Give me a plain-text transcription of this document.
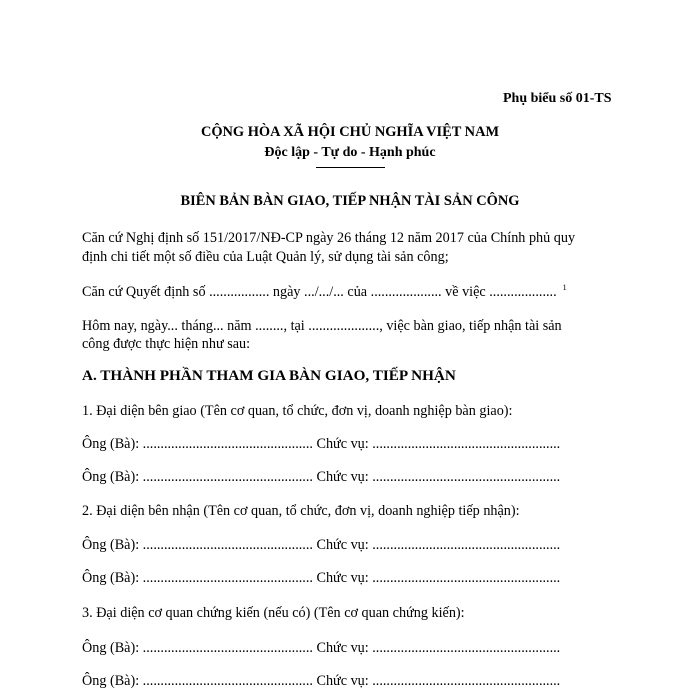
Phụ biểu số 01-TS
CỘNG HÒA XÃ HỘI CHỦ NGHĨA VIỆT NAM
Độc lập - Tự do - Hạnh phúc
BIÊN BẢN BÀN GIAO, TIẾP NHẬN TÀI SẢN CÔNG
Căn cứ Nghị định số 151/2017/NĐ-CP ngày 26 tháng 12 năm 2017 của Chính phủ quy
định chi tiết một số điều của Luật Quản lý, sử dụng tài sản công;
Căn cứ Quyết định số ................. ngày .../.../... của .................... về việc ................... $^1$
Hôm nay, ngày... tháng... năm ........, tại ...................., việc bàn giao, tiếp nhận tài sản
công được thực hiện như sau:
A. THÀNH PHẦN THAM GIA BÀN GIAO, TIẾP NHẬN
1. Đại diện bên giao (Tên cơ quan, tổ chức, đơn vị, doanh nghiệp bàn giao):
Ông (Bà): ................................................ Chức vụ: .....................................................
Ông (Bà): ................................................ Chức vụ: .....................................................
2. Đại diện bên nhận (Tên cơ quan, tổ chức, đơn vị, doanh nghiệp tiếp nhận):
Ông (Bà): ................................................ Chức vụ: .....................................................
Ông (Bà): ................................................ Chức vụ: .....................................................
3. Đại diện cơ quan chứng kiến (nếu có) (Tên cơ quan chứng kiến):
Ông (Bà): ................................................ Chức vụ: .....................................................
Ông (Bà): ................................................ Chức vụ: .....................................................
